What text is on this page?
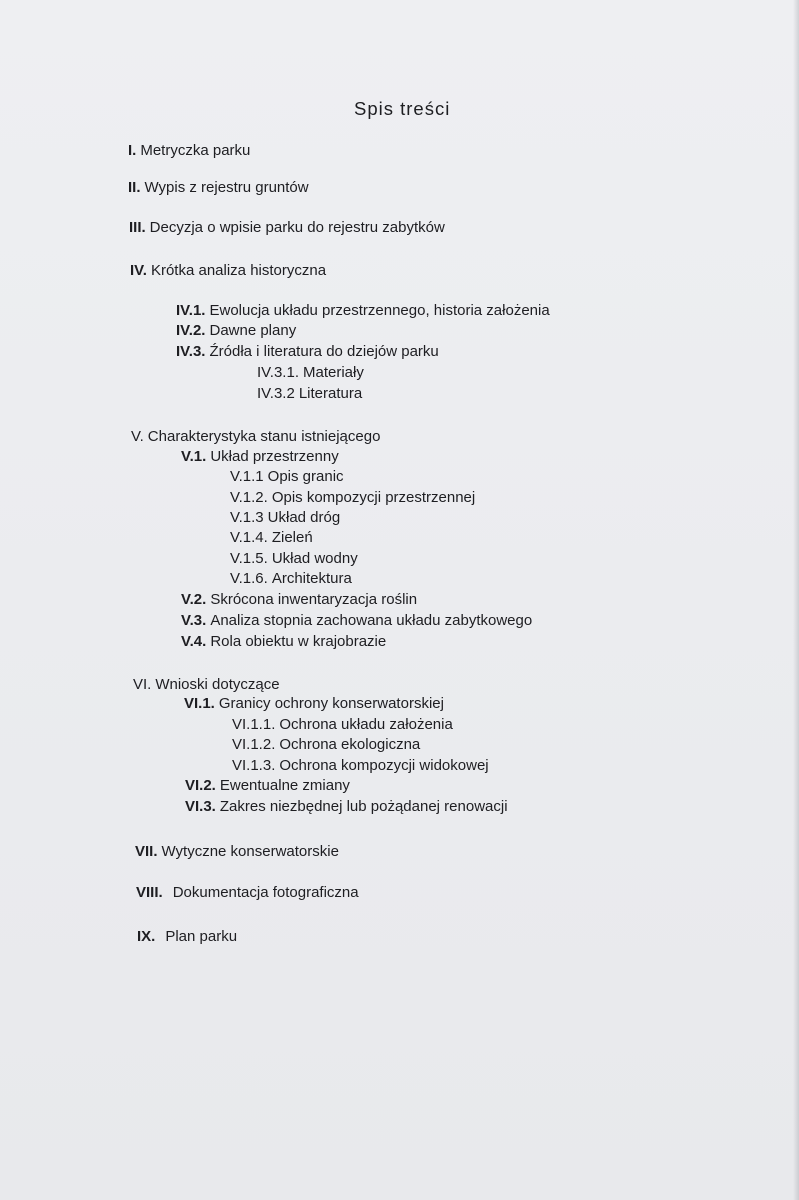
Spis treści
I. Metryczka parku
II. Wypis z rejestru gruntów
III. Decyzja o wpisie parku do rejestru zabytków
IV. Krótka analiza historyczna
IV.1. Ewolucja układu przestrzennego, historia założenia
IV.2. Dawne plany
IV.3. Źródła i literatura do dziejów parku
IV.3.1. Materiały
IV.3.2 Literatura
V. Charakterystyka stanu istniejącego
V.1. Układ przestrzenny
V.1.1 Opis granic
V.1.2. Opis kompozycji przestrzennej
V.1.3 Układ dróg
V.1.4. Zieleń
V.1.5. Układ wodny
V.1.6. Architektura
V.2. Skrócona inwentaryzacja roślin
V.3. Analiza stopnia zachowana układu zabytkowego
V.4. Rola obiektu w krajobrazie
VI. Wnioski dotyczące
VI.1. Granicy ochrony konserwatorskiej
VI.1.1. Ochrona układu założenia
VI.1.2. Ochrona ekologiczna
VI.1.3. Ochrona kompozycji widokowej
VI.2. Ewentualne zmiany
VI.3. Zakres niezbędnej lub pożądanej renowacji
VII. Wytyczne konserwatorskie
VIII. Dokumentacja fotograficzna
IX. Plan parku
